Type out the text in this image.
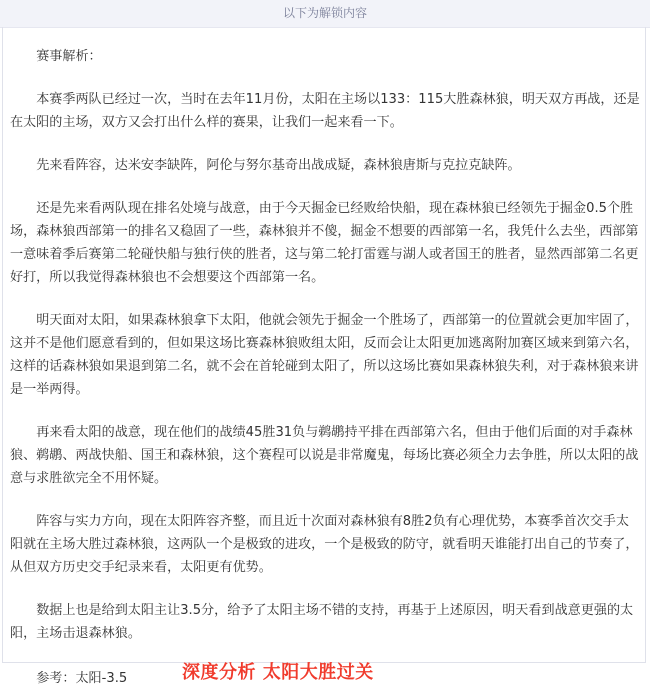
以下为解锁内容

赛事解析：

本赛季两队已经过一次，当时在去年11月份，太阳在主场以133：115大胜森林狼，明天双方再战，还是在太阳的主场，双方又会打出什么样的赛果，让我们一起来看一下。

先来看阵容，达米安李缺阵，阿伦与努尔基奇出战成疑，森林狼唐斯与克拉克缺阵。

还是先来看两队现在排名处境与战意，由于今天掘金已经败给快船，现在森林狼已经领先于掘金0.5个胜场，森林狼西部第一的排名又稳固了一些，森林狼并不傻，掘金不想要的西部第一名，我凭什么去坐，西部第一意味着季后赛第二轮碰快船与独行侠的胜者，这与第二轮打雷霆与湖人或者国王的胜者，显然西部第二名更好打，所以我觉得森林狼也不会想要这个西部第一名。

明天面对太阳，如果森林狼拿下太阳，他就会领先于掘金一个胜场了，西部第一的位置就会更加牢固了，这并不是他们愿意看到的，但如果这场比赛森林狼败组太阳，反而会让太阳更加逃离附加赛区域来到第六名，这样的话森林狼如果退到第二名，就不会在首轮碰到太阳了，所以这场比赛如果森林狼失利，对于森林狼来讲是一举两得。

再来看太阳的战意，现在他们的战绩45胜31负与鹈鹕持平排在西部第六名，但由于他们后面的对手森林狼、鹈鹕、两战快船、国王和森林狼，这个赛程可以说是非常魔鬼，每场比赛必须全力去争胜，所以太阳的战意与求胜欲完全不用怀疑。

阵容与实力方向，现在太阳阵容齐整，而且近十次面对森林狼有8胜2负有心理优势，本赛季首次交手太阳就在主场大胜过森林狼，这两队一个是极致的进攻，一个是极致的防守，就看明天谁能打出自己的节奏了，从但双方历史交手纪录来看，太阳更有优势。

数据上也是给到太阳主让3.5分，给予了太阳主场不错的支持，再基于上述原因，明天看到战意更强的太阳，主场击退森林狼。

参考：太阳-3.5	深度分析 太阳大胜过关
